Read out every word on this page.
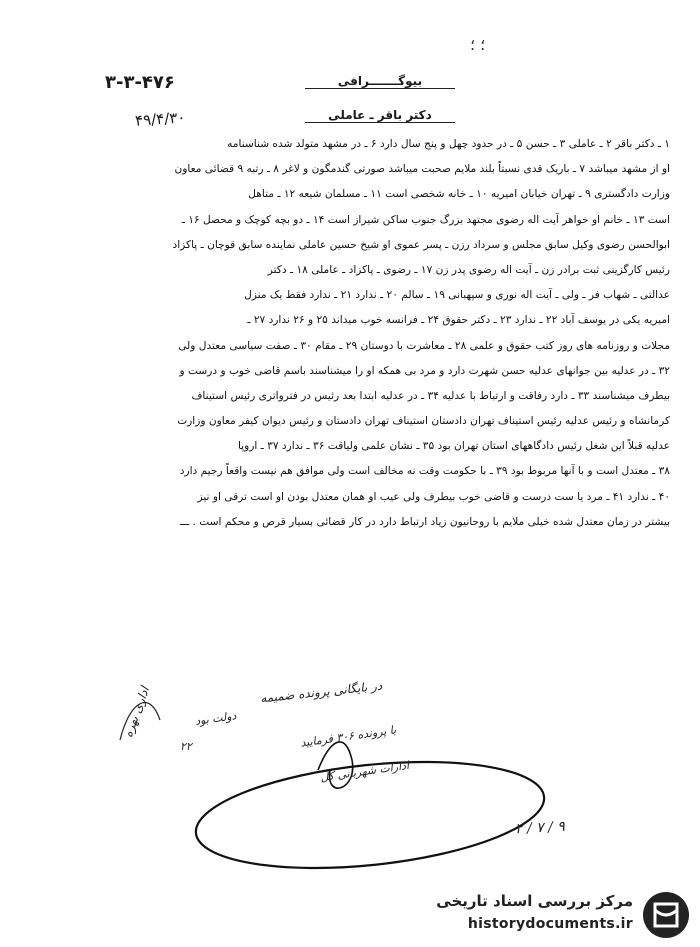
؛ ؛
۳-۳-۴۷۶
۴۹/۴/۳۰
بیوگـــــــرافی
دکتر باقر ـ عاملی
۱ ـ دکتر باقر ۲ ـ عاملی ۳ ـ حسن ۵ ـ در حدود چهل و پنج سال دارد ۶ ـ در مشهد متولد شده شناسنامه
او از مشهد میباشد ۷ ـ باریک قدی نسبتاً بلند ملایم صحبت میباشد صورتی گندمگون و لاغر ۸ ـ رتبه ۹ قضائی معاون
وزارت دادگستری ۹ ـ تهران خیابان امیریه ۱۰ ـ خانه شخصی است ۱۱ ـ مسلمان شیعه ۱۲ ـ متاهل
است ۱۳ ـ خانم او خواهر آیت اله رضوی مجتهد بزرگ جنوب ساکن شیراز است ۱۴ ـ دو بچه کوچک و محصل ۱۶ ـ
ابوالحسن رضوی وکیل سابق مجلس و سرداد رزن ـ پسر عموی او شیخ حسین عاملی نماینده سابق قوچان ـ پاکزاد
رئیس کارگزینی ثبت برادر زن ـ آیت اله رضوی پدر زن ۱۷ ـ رضوی ـ پاکزاد ـ عاملی ۱۸ ـ دکتر
عدالتی ـ شهاب فر ـ ولی ـ آیت اله نوری و سپهبانی ۱۹ ـ سالم ۲۰ ـ ندارد ۲۱ ـ ندارد فقط یک منزل
امیریه یکی در یوسف آباد ۲۲ ـ ندارد ۲۳ ـ دکتر حقوق ۲۴ ـ فرانسه خوب میداند ۲۵ و ۲۶ ندارد ۲۷ ـ
مجلات و روزنامه های روز کتب حقوق و علمی ۲۸ ـ معاشرت با دوستان ۲۹ ـ مقام ۳۰ ـ صفت سیاسی معتدل ولی
۳۲ ـ در عدلیه بین جوانهای عدلیه حسن شهرت دارد و مرد بی همکه او را میشناسند باسم قاضی خوب و درست و
بیطرف میشناسند ۳۳ ـ دارد رفاقت و ارتباط با عدلیه ۳۴ ـ در عدلیه ابتدا بعد رئیس در فترواتری رئیس استیناف
کرمانشاه و رئیس عدلیه رئیس استیناف تهران دادستان استیناف تهران دادستان و رئیس دیوان کیفر معاون وزارت
عدلیه قبلاً این شغل رئیس دادگاههای استان تهران بود ۳۵ ـ نشان علمی ولیاقت ۳۶ ـ ندارد ۳۷ ـ اروپا
۳۸ ـ معتدل است و با آنها مربوط بود ۳۹ ـ با حکومت وقت نه مخالف است ولی موافق هم نیست واقعاً رجیم دارد
۴۰ ـ ندارد ۴۱ ـ مرد یا ست درست و قاضی خوب بیطرف ولی عیب او همان معتدل بودن او است ترقی او نیز
بیشتر در زمان معتدل شده خیلی ملایم با روحانیون زیاد ارتباط دارد در کار قضائی بسیار قرص و محکم است . ـــ
در بایگانی پرونده ضمیمه
با پرونده ۳۰۶ فرمایید
ادارات شهربانی کل
دولت بود
اداری بهره
۲۲
۲ / ۷ / ۹
مرکز بررسی اسناد تاریخی
historydocuments.ir
